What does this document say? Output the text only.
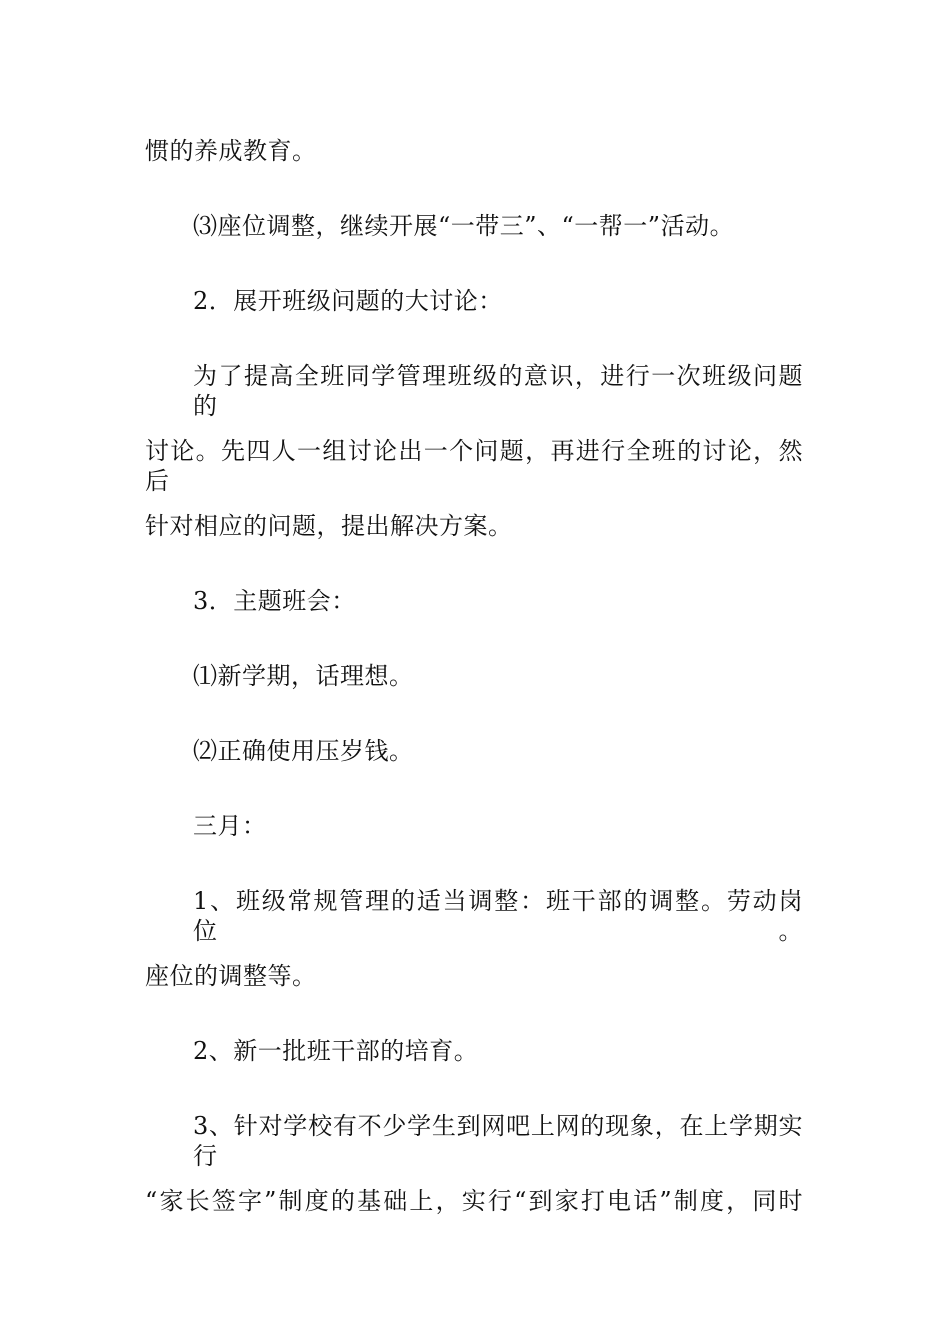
惯的养成教育。
⑶座位调整，继续开展“一带三”、“一帮一”活动。
2．展开班级问题的大讨论：
为了提高全班同学管理班级的意识，进行一次班级问题的
讨论。先四人一组讨论出一个问题，再进行全班的讨论，然后
针对相应的问题，提出解决方案。
3．主题班会：
⑴新学期，话理想。
⑵正确使用压岁钱。
三月：
1、班级常规管理的适当调整：班干部的调整。劳动岗位。
座位的调整等。
2、新一批班干部的培育。
3、针对学校有不少学生到网吧上网的现象，在上学期实行
“家长签字”制度的基础上，实行“到家打电话”制度，同时
